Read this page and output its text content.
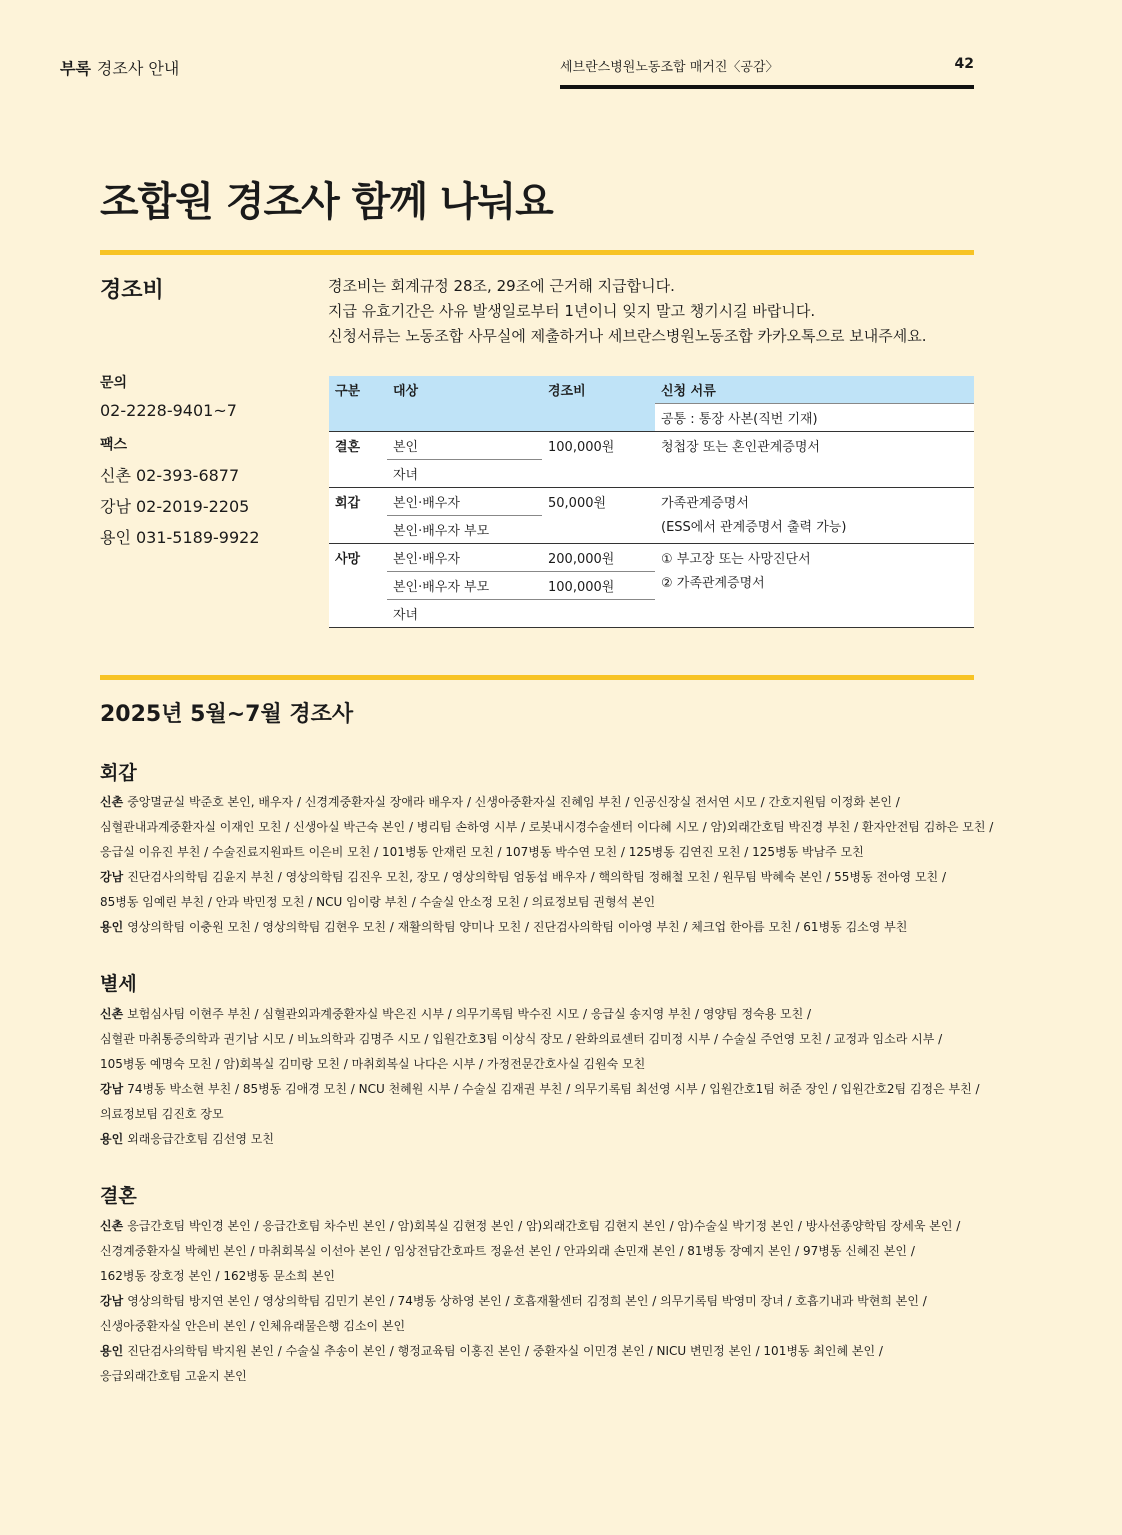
부록 경조사 안내	세브란스병원노동조합 매거진〈공감〉	42
조합원 경조사 함께 나눠요
경조비	경조비는 회계규정 28조, 29조에 근거해 지급합니다.
지급 유효기간은 사유 발생일로부터 1년이니 잊지 말고 챙기시길 바랍니다.
신청서류는 노동조합 사무실에 제출하거나 세브란스병원노동조합 카카오톡으로 보내주세요.
문의
02-2228-9401~7
팩스
신촌 02-393-6877
강남 02-2019-2205
용인 031-5189-9922
구분	대상	경조비	신청 서류
			공통 : 통장 사본(직번 기재)
결혼	본인	100,000원	청첩장 또는 혼인관계증명서
	자녀		
회갑	본인·배우자	50,000원	가족관계증명서
(ESS에서 관계증명서 출력 가능)

	본인·배우자 부모		
사망	본인·배우자	200,000원	① 부고장 또는 사망진단서
② 가족관계증명서

	본인·배우자 부모	100,000원	
	자녀		
2025년 5월~7월 경조사
회갑
신촌 중앙멸균실 박준호 본인, 배우자 / 신경계중환자실 장애라 배우자 / 신생아중환자실 진혜임 부친 / 인공신장실 전서연 시모 / 간호지원팀 이정화 본인 /
심혈관내과계중환자실 이재인 모친 / 신생아실 박근숙 본인 / 병리팀 손하영 시부 / 로봇내시경수술센터 이다혜 시모 / 암)외래간호팀 박진경 부친 / 환자안전팀 김하은 모친 /
응급실 이유진 부친 / 수술진료지원파트 이은비 모친 / 101병동 안재린 모친 / 107병동 박수연 모친 / 125병동 김연진 모친 / 125병동 박남주 모친
강남 진단검사의학팀 김윤지 부친 / 영상의학팀 김진우 모친, 장모 / 영상의학팀 엄동섭 배우자 / 핵의학팀 정해철 모친 / 원무팀 박혜숙 본인 / 55병동 전아영 모친 /
85병동 임예린 부친 / 안과 박민정 모친 / NCU 임이랑 부친 / 수술실 안소정 모친 / 의료정보팀 권형석 본인
용인 영상의학팀 이충원 모친 / 영상의학팀 김현우 모친 / 재활의학팀 양미나 모친 / 진단검사의학팀 이아영 부친 / 체크업 한아름 모친 / 61병동 김소영 부친
별세
신촌 보험심사팀 이현주 부친 / 심혈관외과계중환자실 박은진 시부 / 의무기록팀 박수진 시모 / 응급실 송지영 부친 / 영양팀 정숙용 모친 /
심혈관 마취통증의학과 권기남 시모 / 비뇨의학과 김명주 시모 / 입원간호3팀 이상식 장모 / 완화의료센터 김미정 시부 / 수술실 주언영 모친 / 교정과 임소라 시부 /
105병동 예명숙 모친 / 암)회복실 김미랑 모친 / 마취회복실 나다은 시부 / 가정전문간호사실 김원숙 모친
강남 74병동 박소현 부친 / 85병동 김애경 모친 / NCU 천혜원 시부 / 수술실 김재권 부친 / 의무기록팀 최선영 시부 / 입원간호1팀 허준 장인 / 입원간호2팀 김정은 부친 /
의료정보팀 김진호 장모
용인 외래응급간호팀 김선영 모친
결혼
신촌 응급간호팀 박인경 본인 / 응급간호팀 차수빈 본인 / 암)회복실 김현정 본인 / 암)외래간호팀 김현지 본인 / 암)수술실 박기정 본인 / 방사선종양학팀 장세욱 본인 /
신경계중환자실 박혜빈 본인 / 마취회복실 이선아 본인 / 임상전담간호파트 정윤선 본인 / 안과외래 손민재 본인 / 81병동 장예지 본인 / 97병동 신혜진 본인 /
162병동 장호정 본인 / 162병동 문소희 본인
강남 영상의학팀 방지연 본인 / 영상의학팀 김민기 본인 / 74병동 상하영 본인 / 호흡재활센터 김정희 본인 / 의무기록팀 박영미 장녀 / 호흡기내과 박현희 본인 /
신생아중환자실 안은비 본인 / 인체유래물은행 김소이 본인
용인 진단검사의학팀 박지원 본인 / 수술실 추송이 본인 / 행정교육팀 이홍진 본인 / 중환자실 이민경 본인 / NICU 변민정 본인 / 101병동 최인혜 본인 /
응급외래간호팀 고윤지 본인
